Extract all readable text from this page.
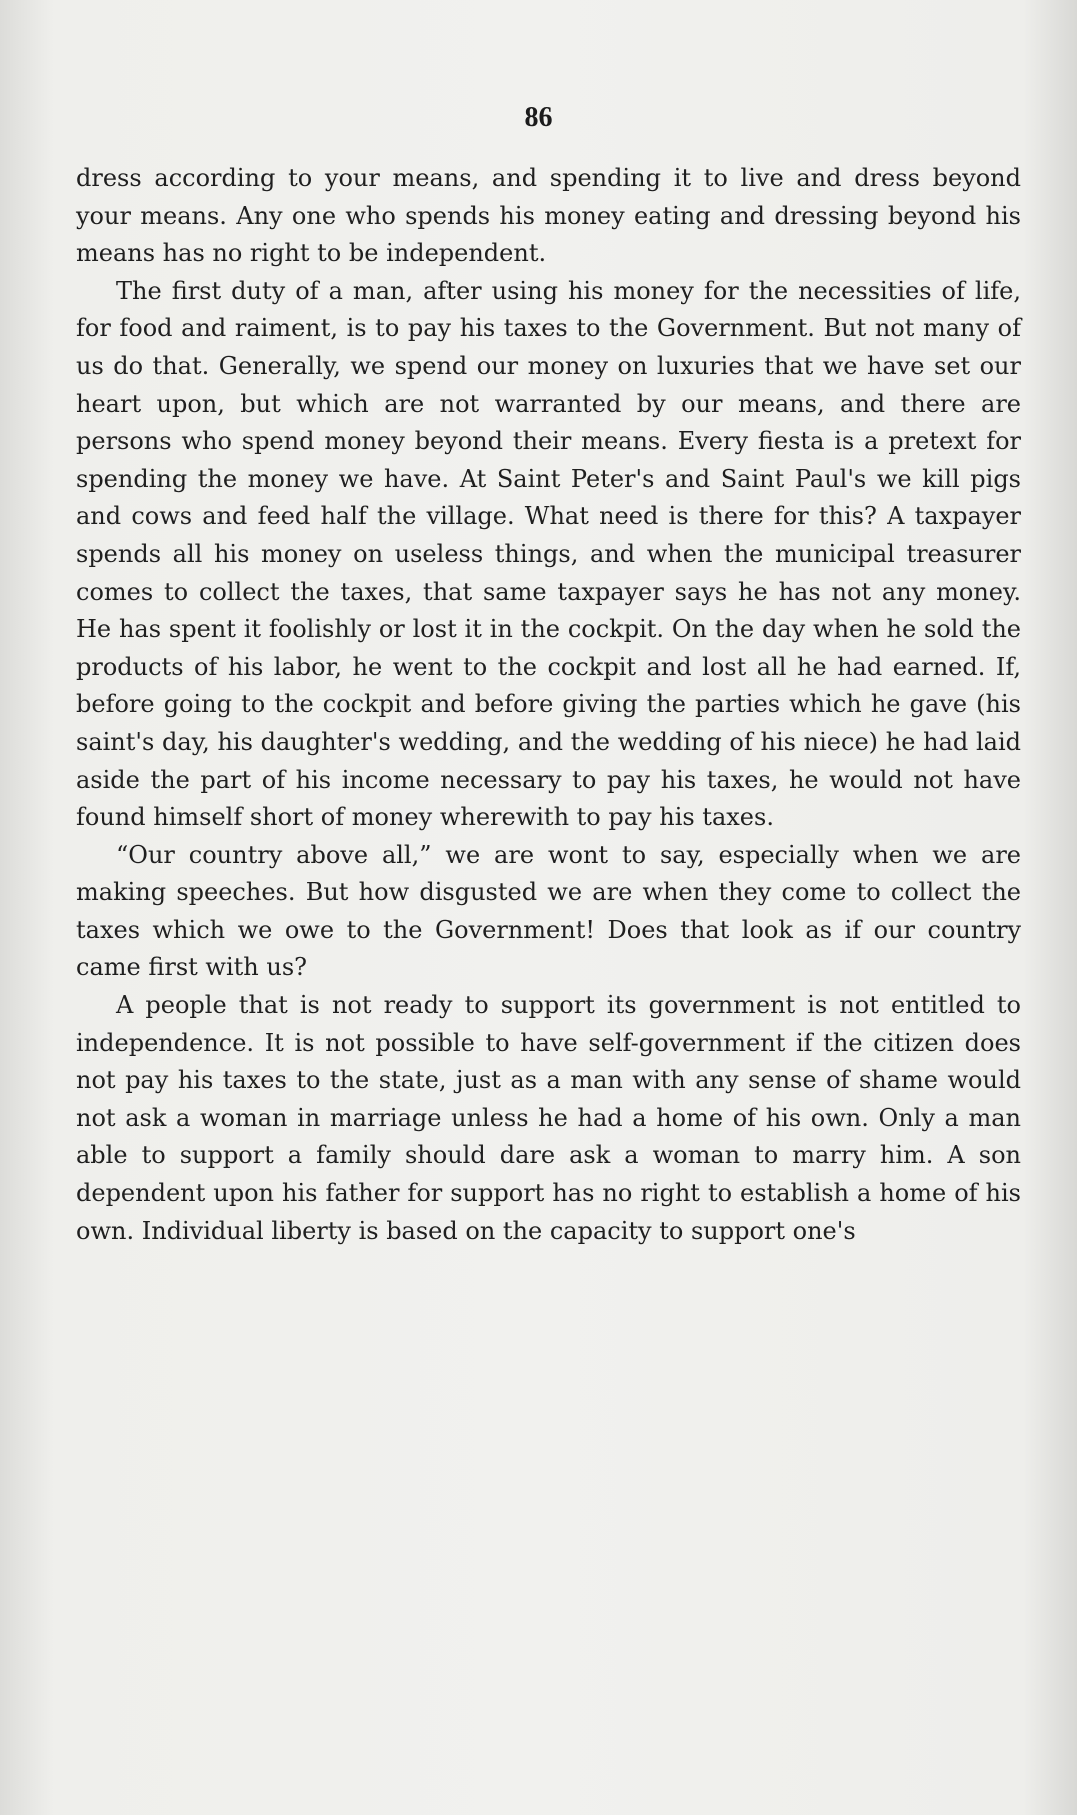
86

dress according to your means, and spending it to live and dress beyond your means. Any one who spends his money eating and dressing beyond his means has no right to be independent.

The first duty of a man, after using his money for the necessities of life, for food and raiment, is to pay his taxes to the Government. But not many of us do that. Generally, we spend our money on luxuries that we have set our heart upon, but which are not warranted by our means, and there are persons who spend money beyond their means. Every fiesta is a pretext for spending the money we have. At Saint Peter's and Saint Paul's we kill pigs and cows and feed half the village. What need is there for this? A taxpayer spends all his money on useless things, and when the municipal treasurer comes to collect the taxes, that same taxpayer says he has not any money. He has spent it foolishly or lost it in the cockpit. On the day when he sold the products of his labor, he went to the cockpit and lost all he had earned. If, before going to the cockpit and before giving the parties which he gave (his saint's day, his daughter's wedding, and the wedding of his niece) he had laid aside the part of his income necessary to pay his taxes, he would not have found himself short of money wherewith to pay his taxes.

“Our country above all,” we are wont to say, especially when we are making speeches. But how disgusted we are when they come to collect the taxes which we owe to the Government! Does that look as if our country came first with us?

A people that is not ready to support its government is not entitled to independence. It is not possible to have self-government if the citizen does not pay his taxes to the state, just as a man with any sense of shame would not ask a woman in marriage unless he had a home of his own. Only a man able to support a family should dare ask a woman to marry him. A son dependent upon his father for support has no right to establish a home of his own. Individual liberty is based on the capacity to support one's
